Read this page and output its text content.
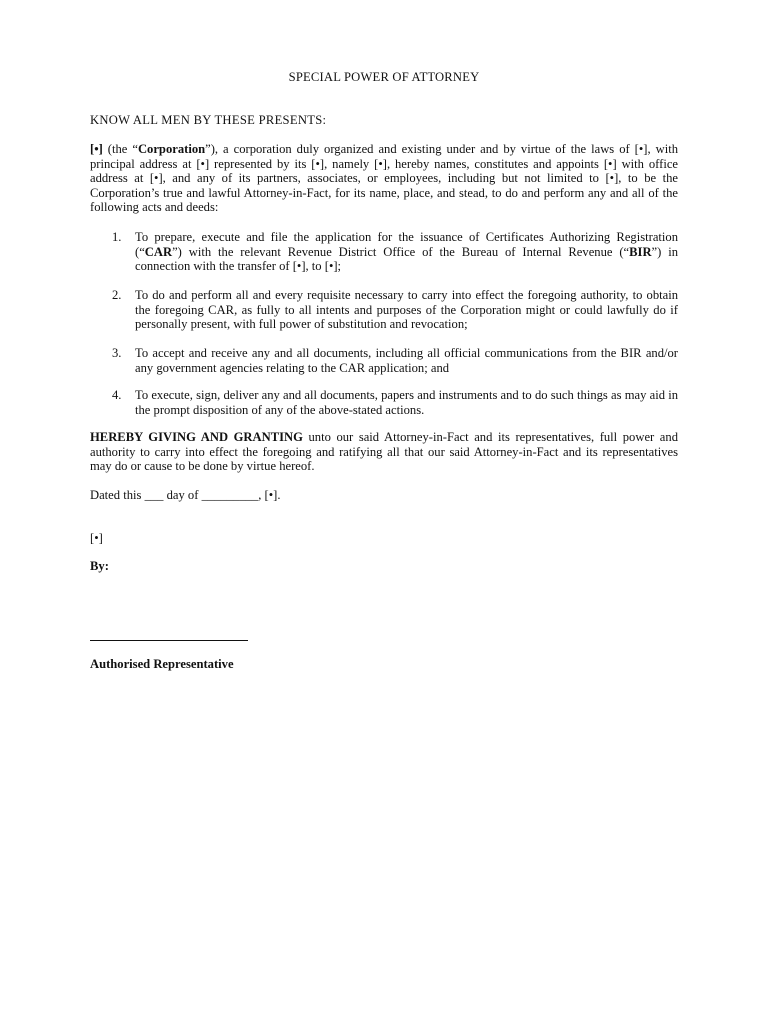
SPECIAL POWER OF ATTORNEY
KNOW ALL MEN BY THESE PRESENTS:
[•] (the “Corporation”), a corporation duly organized and existing under and by virtue of the laws of [•], with principal address at [•] represented by its [•], namely [•], hereby names, constitutes and appoints [•] with office address at [•], and any of its partners, associates, or employees, including but not limited to [•], to be the Corporation’s true and lawful Attorney-in-Fact, for its name, place, and stead, to do and perform any and all of the following acts and deeds:
1.	To prepare, execute and file the application for the issuance of Certificates Authorizing Registration (“CAR”) with the relevant Revenue District Office of the Bureau of Internal Revenue (“BIR”) in connection with the transfer of [•], to [•];
2.	To do and perform all and every requisite necessary to carry into effect the foregoing authority, to obtain the foregoing CAR, as fully to all intents and purposes of the Corporation might or could lawfully do if personally present, with full power of substitution and revocation;
3.	To accept and receive any and all documents, including all official communications from the BIR and/or any government agencies relating to the CAR application; and
4.	To execute, sign, deliver any and all documents, papers and instruments and to do such things as may aid in the prompt disposition of any of the above-stated actions.
HEREBY GIVING AND GRANTING unto our said Attorney-in-Fact and its representatives, full power and authority to carry into effect the foregoing and ratifying all that our said Attorney-in-Fact and its representatives may do or cause to be done by virtue hereof.
Dated this ___ day of _________, [•].
[•]
By:
Authorised Representative
